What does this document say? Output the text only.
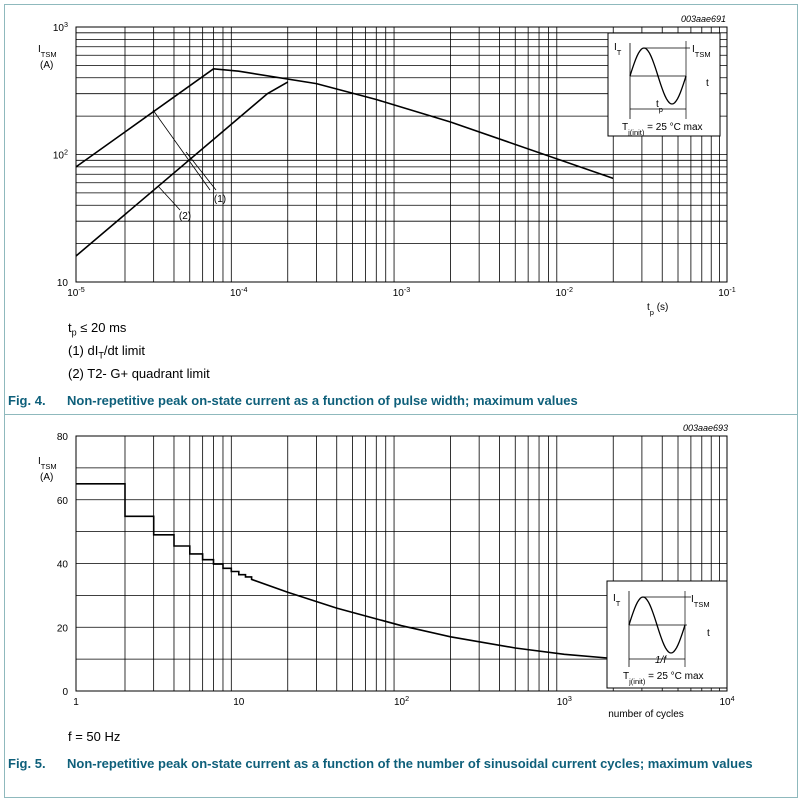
$10^{-5}$	$10^{-4}$	$10^{-3}$	$10^{-2}$	$10^{-1}$
10
$10^2$
$10^3$
$I_{TSM}$
(A)
$t_p$ (s)
003aae691
(1)
(2)
$I_T$	$I_{TSM}$
t
$t_p$
$T_{j(init)} = 25$ °C max
1	10	$10^2$	$10^3$	$10^4$
0
20
40
60
80
$I_{TSM}$
(A)
number of cycles
003aae693
$I_T$	$I_{TSM}$
t
1/f
$T_{j(init)} = 25$ °C max
$t_p \le 20$ ms
(1) $dI_T/dt$ limit
(2) T2- G+ quadrant limit
Fig. 4. Non-repetitive peak on-state current as a function of pulse width; maximum values
f = 50 Hz
Fig. 5. Non-repetitive peak on-state current as a function of the number of sinusoidal current cycles; maximum values
